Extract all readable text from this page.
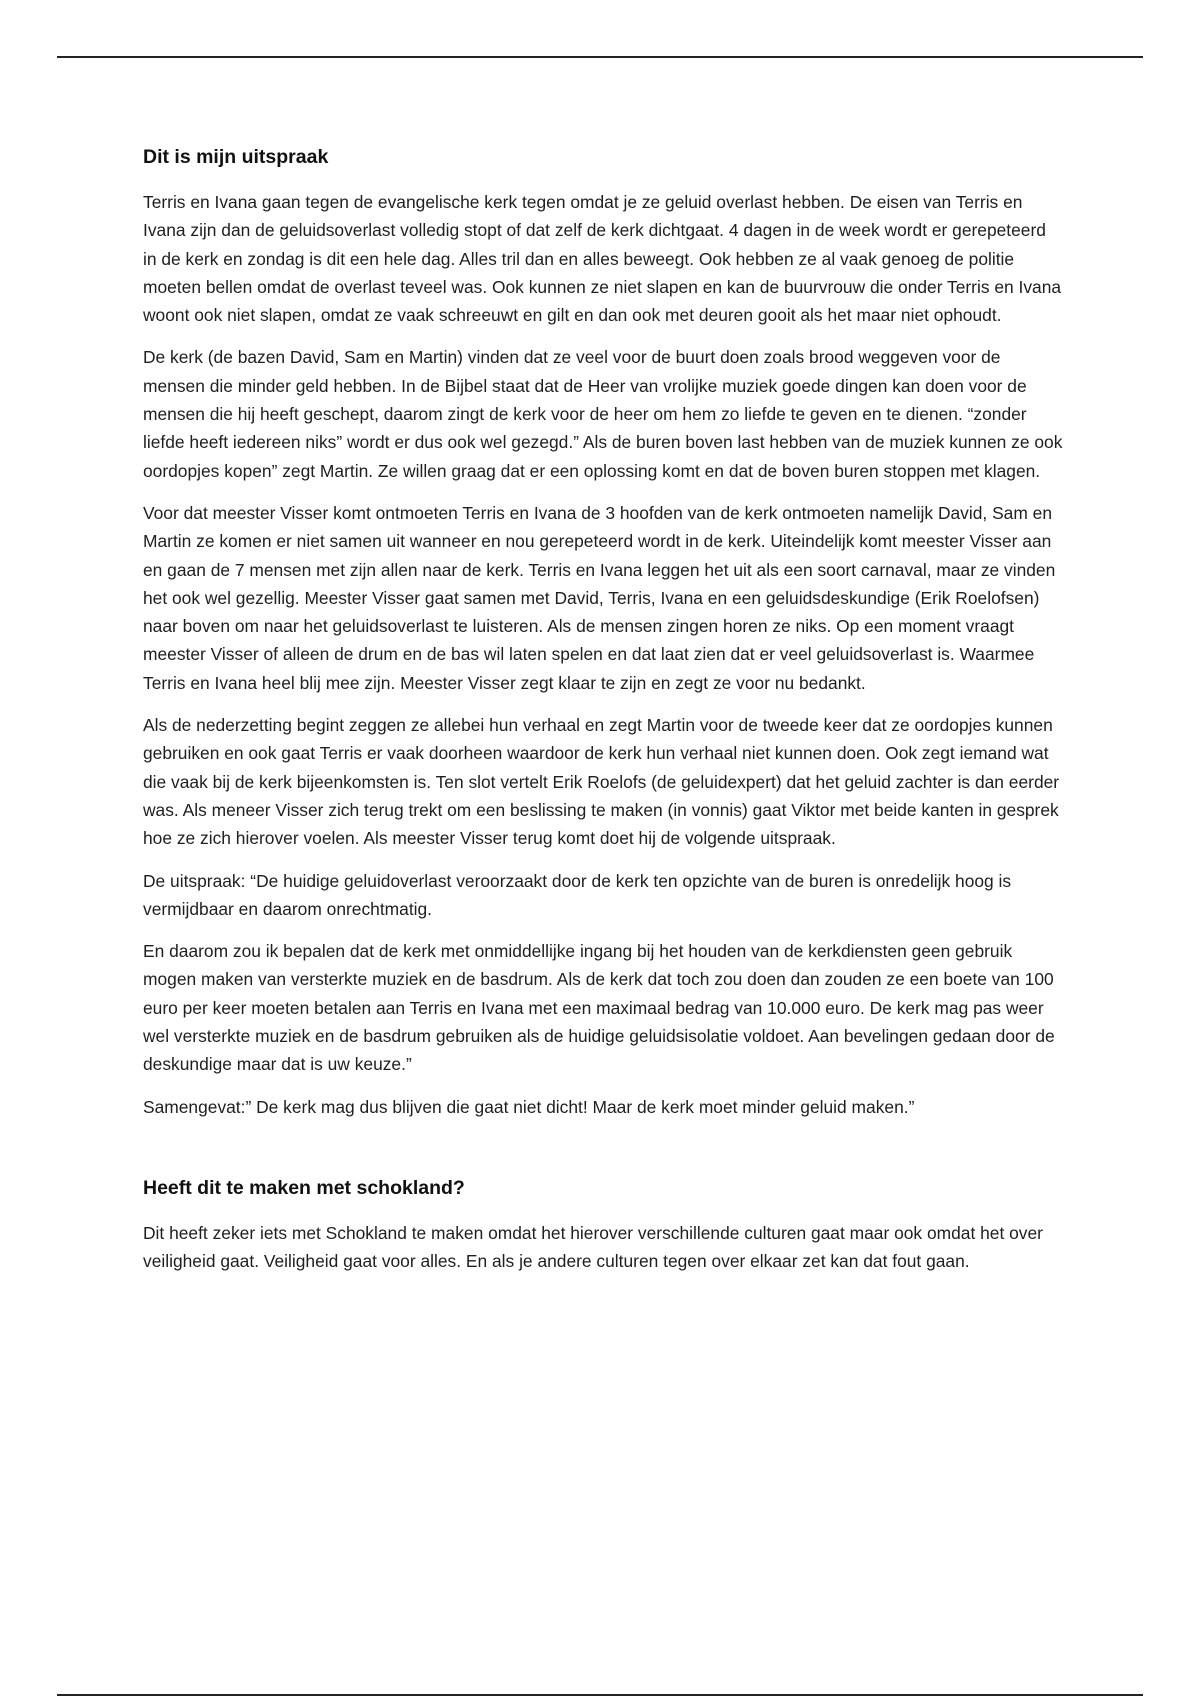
Dit is mijn uitspraak

Terris en Ivana gaan tegen de evangelische kerk tegen omdat je ze geluid overlast hebben. De eisen van Terris en Ivana zijn dan de geluidsoverlast volledig stopt of dat zelf de kerk dichtgaat. 4 dagen in de week wordt er gerepeteerd in de kerk en zondag is dit een hele dag. Alles tril dan en alles beweegt. Ook hebben ze al vaak genoeg de politie moeten bellen omdat de overlast teveel was. Ook kunnen ze niet slapen en kan de buurvrouw die onder Terris en Ivana woont ook niet slapen, omdat ze vaak schreeuwt en gilt en dan ook met deuren gooit als het maar niet ophoudt.

De kerk (de bazen David, Sam en Martin) vinden dat ze veel voor de buurt doen zoals brood weggeven voor de mensen die minder geld hebben. In de Bijbel staat dat de Heer van vrolijke muziek goede dingen kan doen voor de mensen die hij heeft geschept, daarom zingt de kerk voor de heer om hem zo liefde te geven en te dienen. “zonder liefde heeft iedereen niks” wordt er dus ook wel gezegd.” Als de buren boven last hebben van de muziek kunnen ze ook oordopjes kopen” zegt Martin. Ze willen graag dat er een oplossing komt en dat de boven buren stoppen met klagen.

Voor dat meester Visser komt ontmoeten Terris en Ivana de 3 hoofden van de kerk ontmoeten namelijk David, Sam en Martin ze komen er niet samen uit wanneer en nou gerepeteerd wordt in de kerk. Uiteindelijk komt meester Visser aan en gaan de 7 mensen met zijn allen naar de kerk. Terris en Ivana leggen het uit als een soort carnaval, maar ze vinden het ook wel gezellig. Meester Visser gaat samen met David, Terris, Ivana en een geluidsdeskundige (Erik Roelofsen) naar boven om naar het geluidsoverlast te luisteren. Als de mensen zingen horen ze niks. Op een moment vraagt meester Visser of alleen de drum en de bas wil laten spelen en dat laat zien dat er veel geluidsoverlast is. Waarmee Terris en Ivana heel blij mee zijn. Meester Visser zegt klaar te zijn en zegt ze voor nu bedankt.

Als de nederzetting begint zeggen ze allebei hun verhaal en zegt Martin voor de tweede keer dat ze oordopjes kunnen gebruiken en ook gaat Terris er vaak doorheen waardoor de kerk hun verhaal niet kunnen doen. Ook zegt iemand wat die vaak bij de kerk bijeenkomsten is. Ten slot vertelt Erik Roelofs (de geluidexpert) dat het geluid zachter is dan eerder was. Als meneer Visser zich terug trekt om een beslissing te maken (in vonnis) gaat Viktor met beide kanten in gesprek hoe ze zich hierover voelen. Als meester Visser terug komt doet hij de volgende uitspraak.

De uitspraak: “De huidige geluidoverlast veroorzaakt door de kerk ten opzichte van de buren is onredelijk hoog is vermijdbaar en daarom onrechtmatig.

En daarom zou ik bepalen dat de kerk met onmiddellijke ingang bij het houden van de kerkdiensten geen gebruik mogen maken van versterkte muziek en de basdrum. Als de kerk dat toch zou doen dan zouden ze een boete van 100 euro per keer moeten betalen aan Terris en Ivana met een maximaal bedrag van 10.000 euro. De kerk mag pas weer wel versterkte muziek en de basdrum gebruiken als de huidige geluidsisolatie voldoet. Aan bevelingen gedaan door de deskundige maar dat is uw keuze.”

Samengevat:” De kerk mag dus blijven die gaat niet dicht! Maar de kerk moet minder geluid maken.”

Heeft dit te maken met schokland?

Dit heeft zeker iets met Schokland te maken omdat het hierover verschillende culturen gaat maar ook omdat het over veiligheid gaat. Veiligheid gaat voor alles. En als je andere culturen tegen over elkaar zet kan dat fout gaan.
